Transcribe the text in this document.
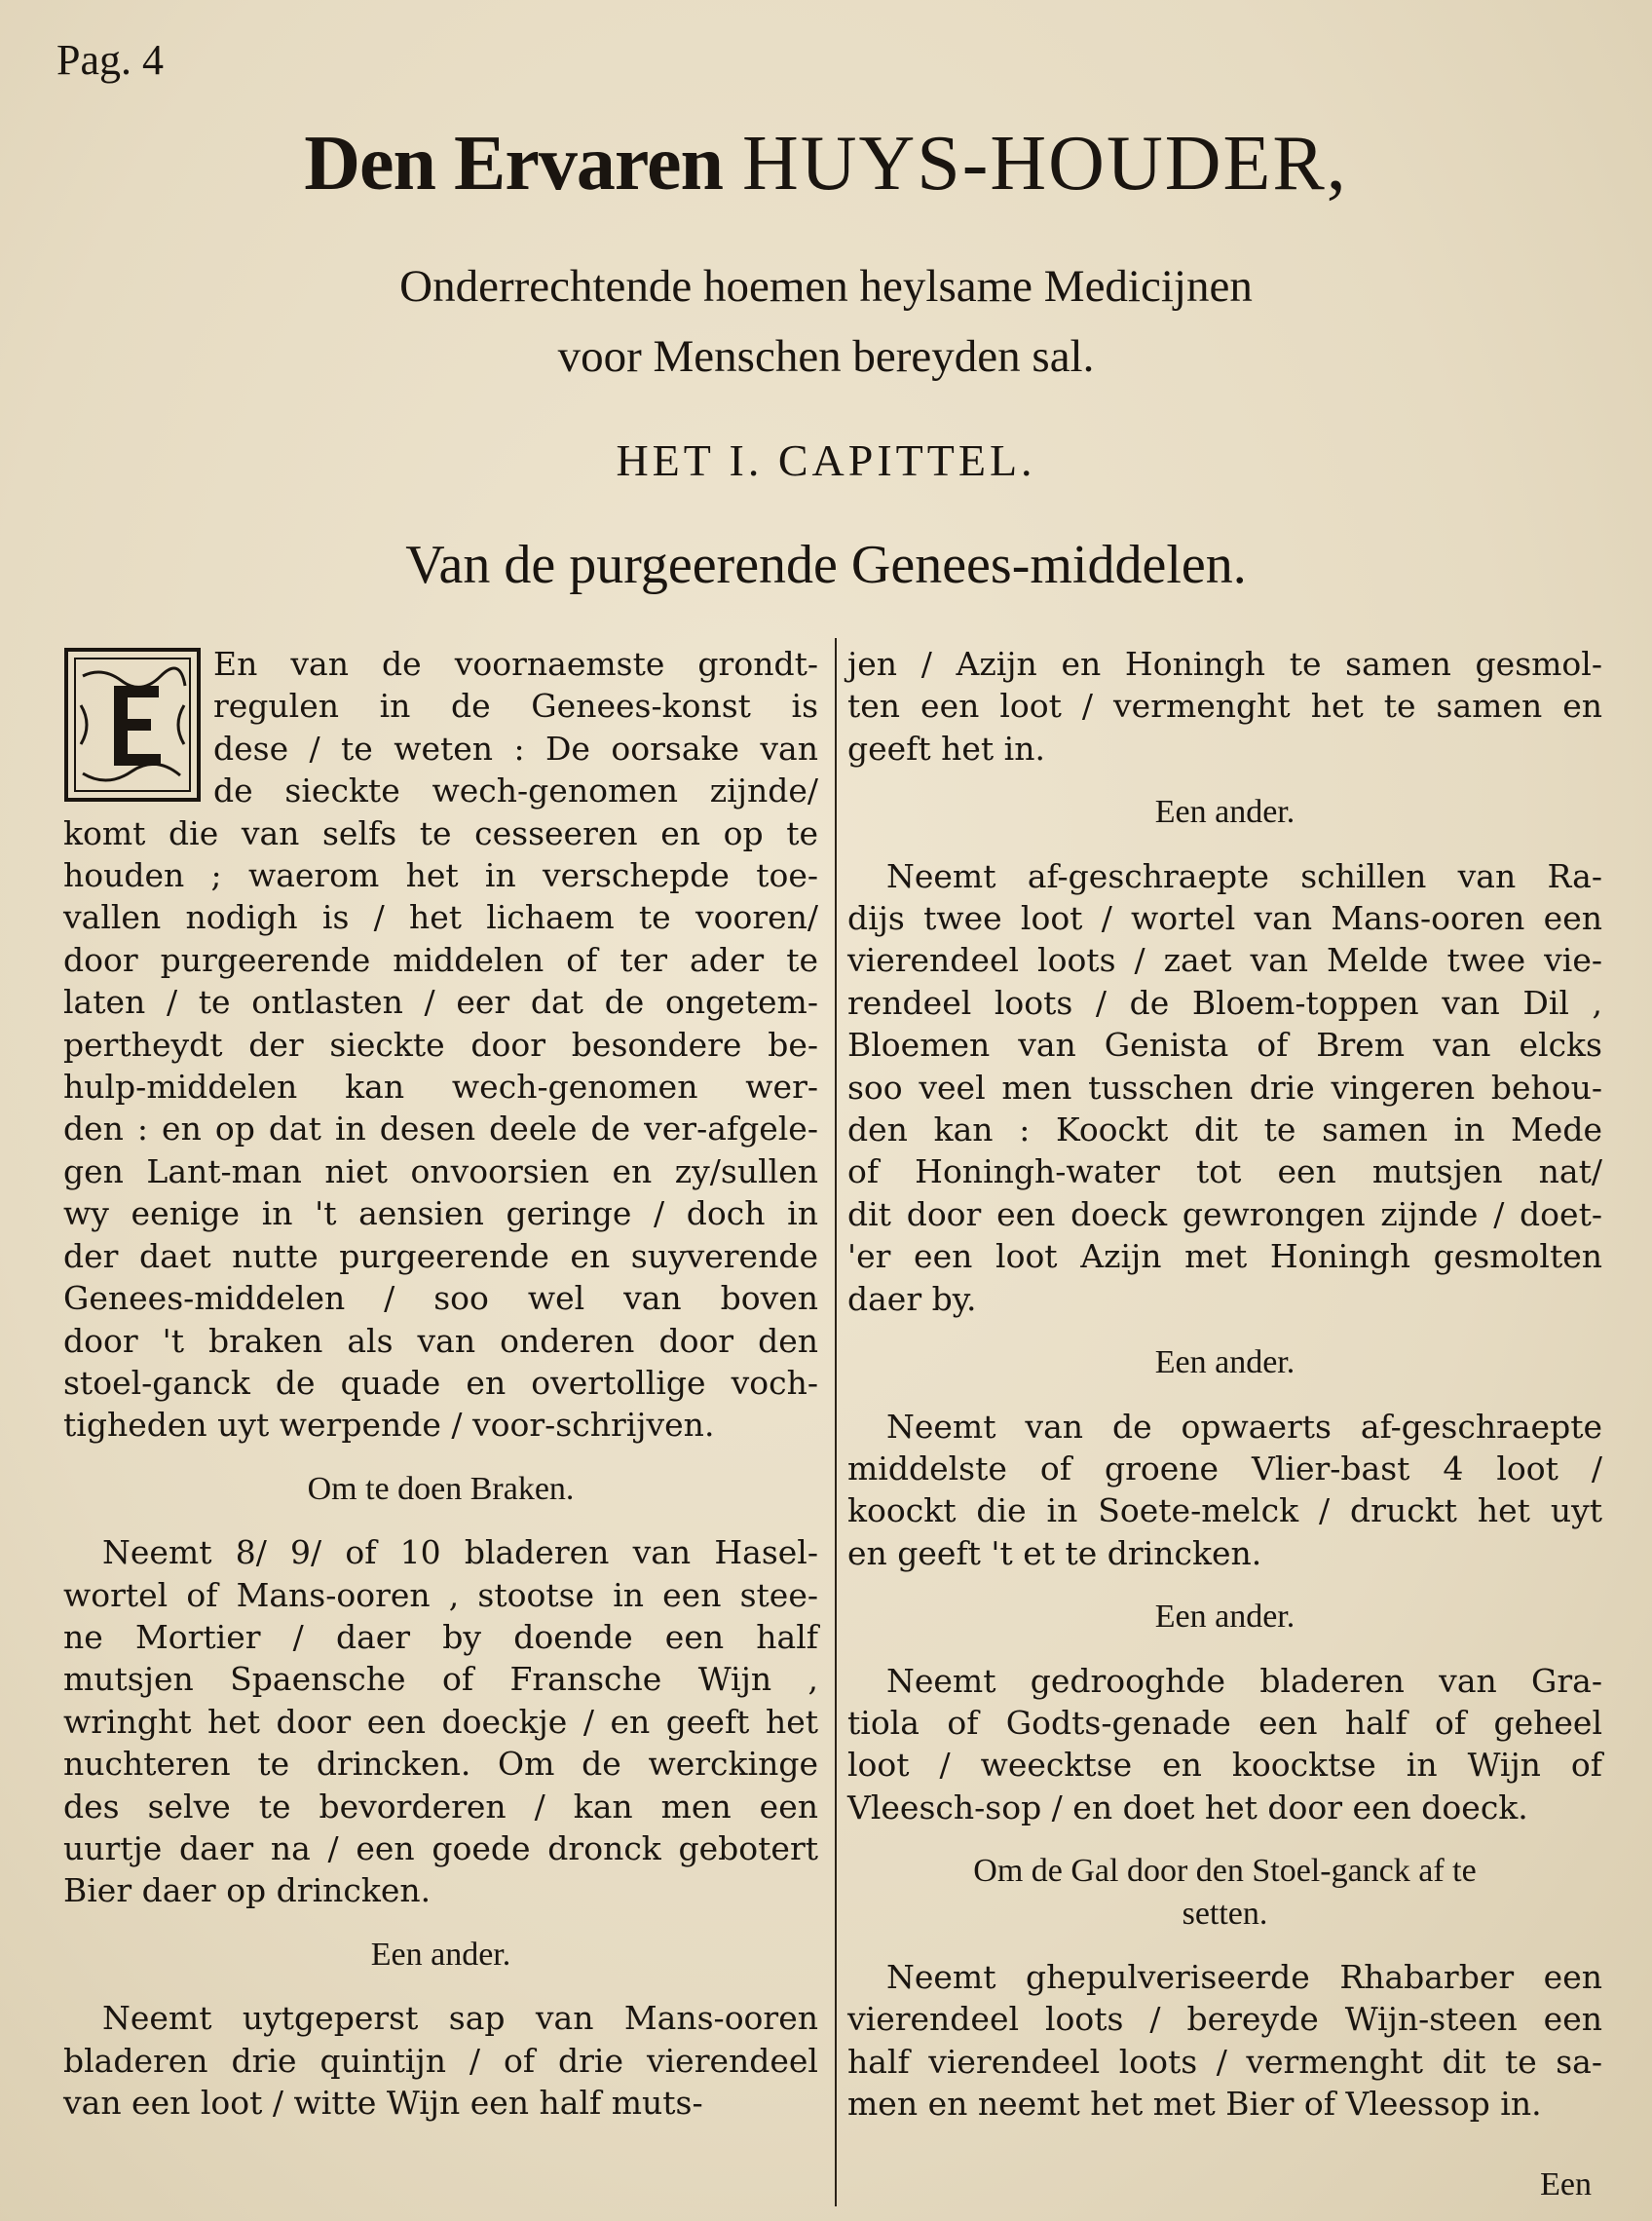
Pag. 4
Den Ervaren HUYS-HOUDER,
Onderrechtende hoemen heylsame Medicijnen
voor Menschen bereyden sal.
HET I. CAPITTEL.
Van de purgeerende Genees-middelen.
En van de voornaemste grondt-
regulen in de Genees-konst is
dese / te weten : De oorsake van
de sieckte wech-genomen zijnde/
komt die van selfs te cesseeren en op te
houden ; waerom het in verschepde toe-
vallen nodigh is / het lichaem te vooren/
door purgeerende middelen of ter ader te
laten / te ontlasten / eer dat de ongetem-
pertheydt der sieckte door besondere be-
hulp-middelen kan wech-genomen wer-
den : en op dat in desen deele de ver-afgele-
gen Lant-man niet onvoorsien en zy/sullen
wy eenige in 't aensien geringe / doch in
der daet nutte purgeerende en suyverende
Genees-middelen / soo wel van boven
door 't braken als van onderen door den
stoel-ganck de quade en overtollige voch-
tigheden uyt werpende / voor-schrijven.
Om te doen Braken.
Neemt 8/ 9/ of 10 bladeren van Hasel-
wortel of Mans-ooren , stootse in een stee-
ne Mortier / daer by doende een half
mutsjen Spaensche of Fransche Wijn ,
wringht het door een doeckje / en geeft het
nuchteren te drincken. Om de werckinge
des selve te bevorderen / kan men een
uurtje daer na / een goede dronck gebotert
Bier daer op drincken.
Een ander.
Neemt uytgeperst sap van Mans-ooren
bladeren drie quintijn / of drie vierendeel
van een loot / witte Wijn een half muts-
jen / Azijn en Honingh te samen gesmol-
ten een loot / vermenght het te samen en
geeft het in.
Een ander.
Neemt af-geschraepte schillen van Ra-
dijs twee loot / wortel van Mans-ooren een
vierendeel loots / zaet van Melde twee vie-
rendeel loots / de Bloem-toppen van Dil ,
Bloemen van Genista of Brem van elcks
soo veel men tusschen drie vingeren behou-
den kan : Koockt dit te samen in Mede
of Honingh-water tot een mutsjen nat/
dit door een doeck gewrongen zijnde / doet-
'er een loot Azijn met Honingh gesmolten
daer by.
Een ander.
Neemt van de opwaerts af-geschraepte
middelste of groene Vlier-bast 4 loot /
koockt die in Soete-melck / druckt het uyt
en geeft 't et te drincken.
Een ander.
Neemt gedrooghde bladeren van Gra-
tiola of Godts-genade een half of geheel
loot / weecktse en koocktse in Wijn of
Vleesch-sop / en doet het door een doeck.
Om de Gal door den Stoel-ganck af te
setten.
Neemt ghepulveriseerde Rhabarber een
vierendeel loots / bereyde Wijn-steen een
half vierendeel loots / vermenght dit te sa-
men en neemt het met Bier of Vleessop in.
Een
